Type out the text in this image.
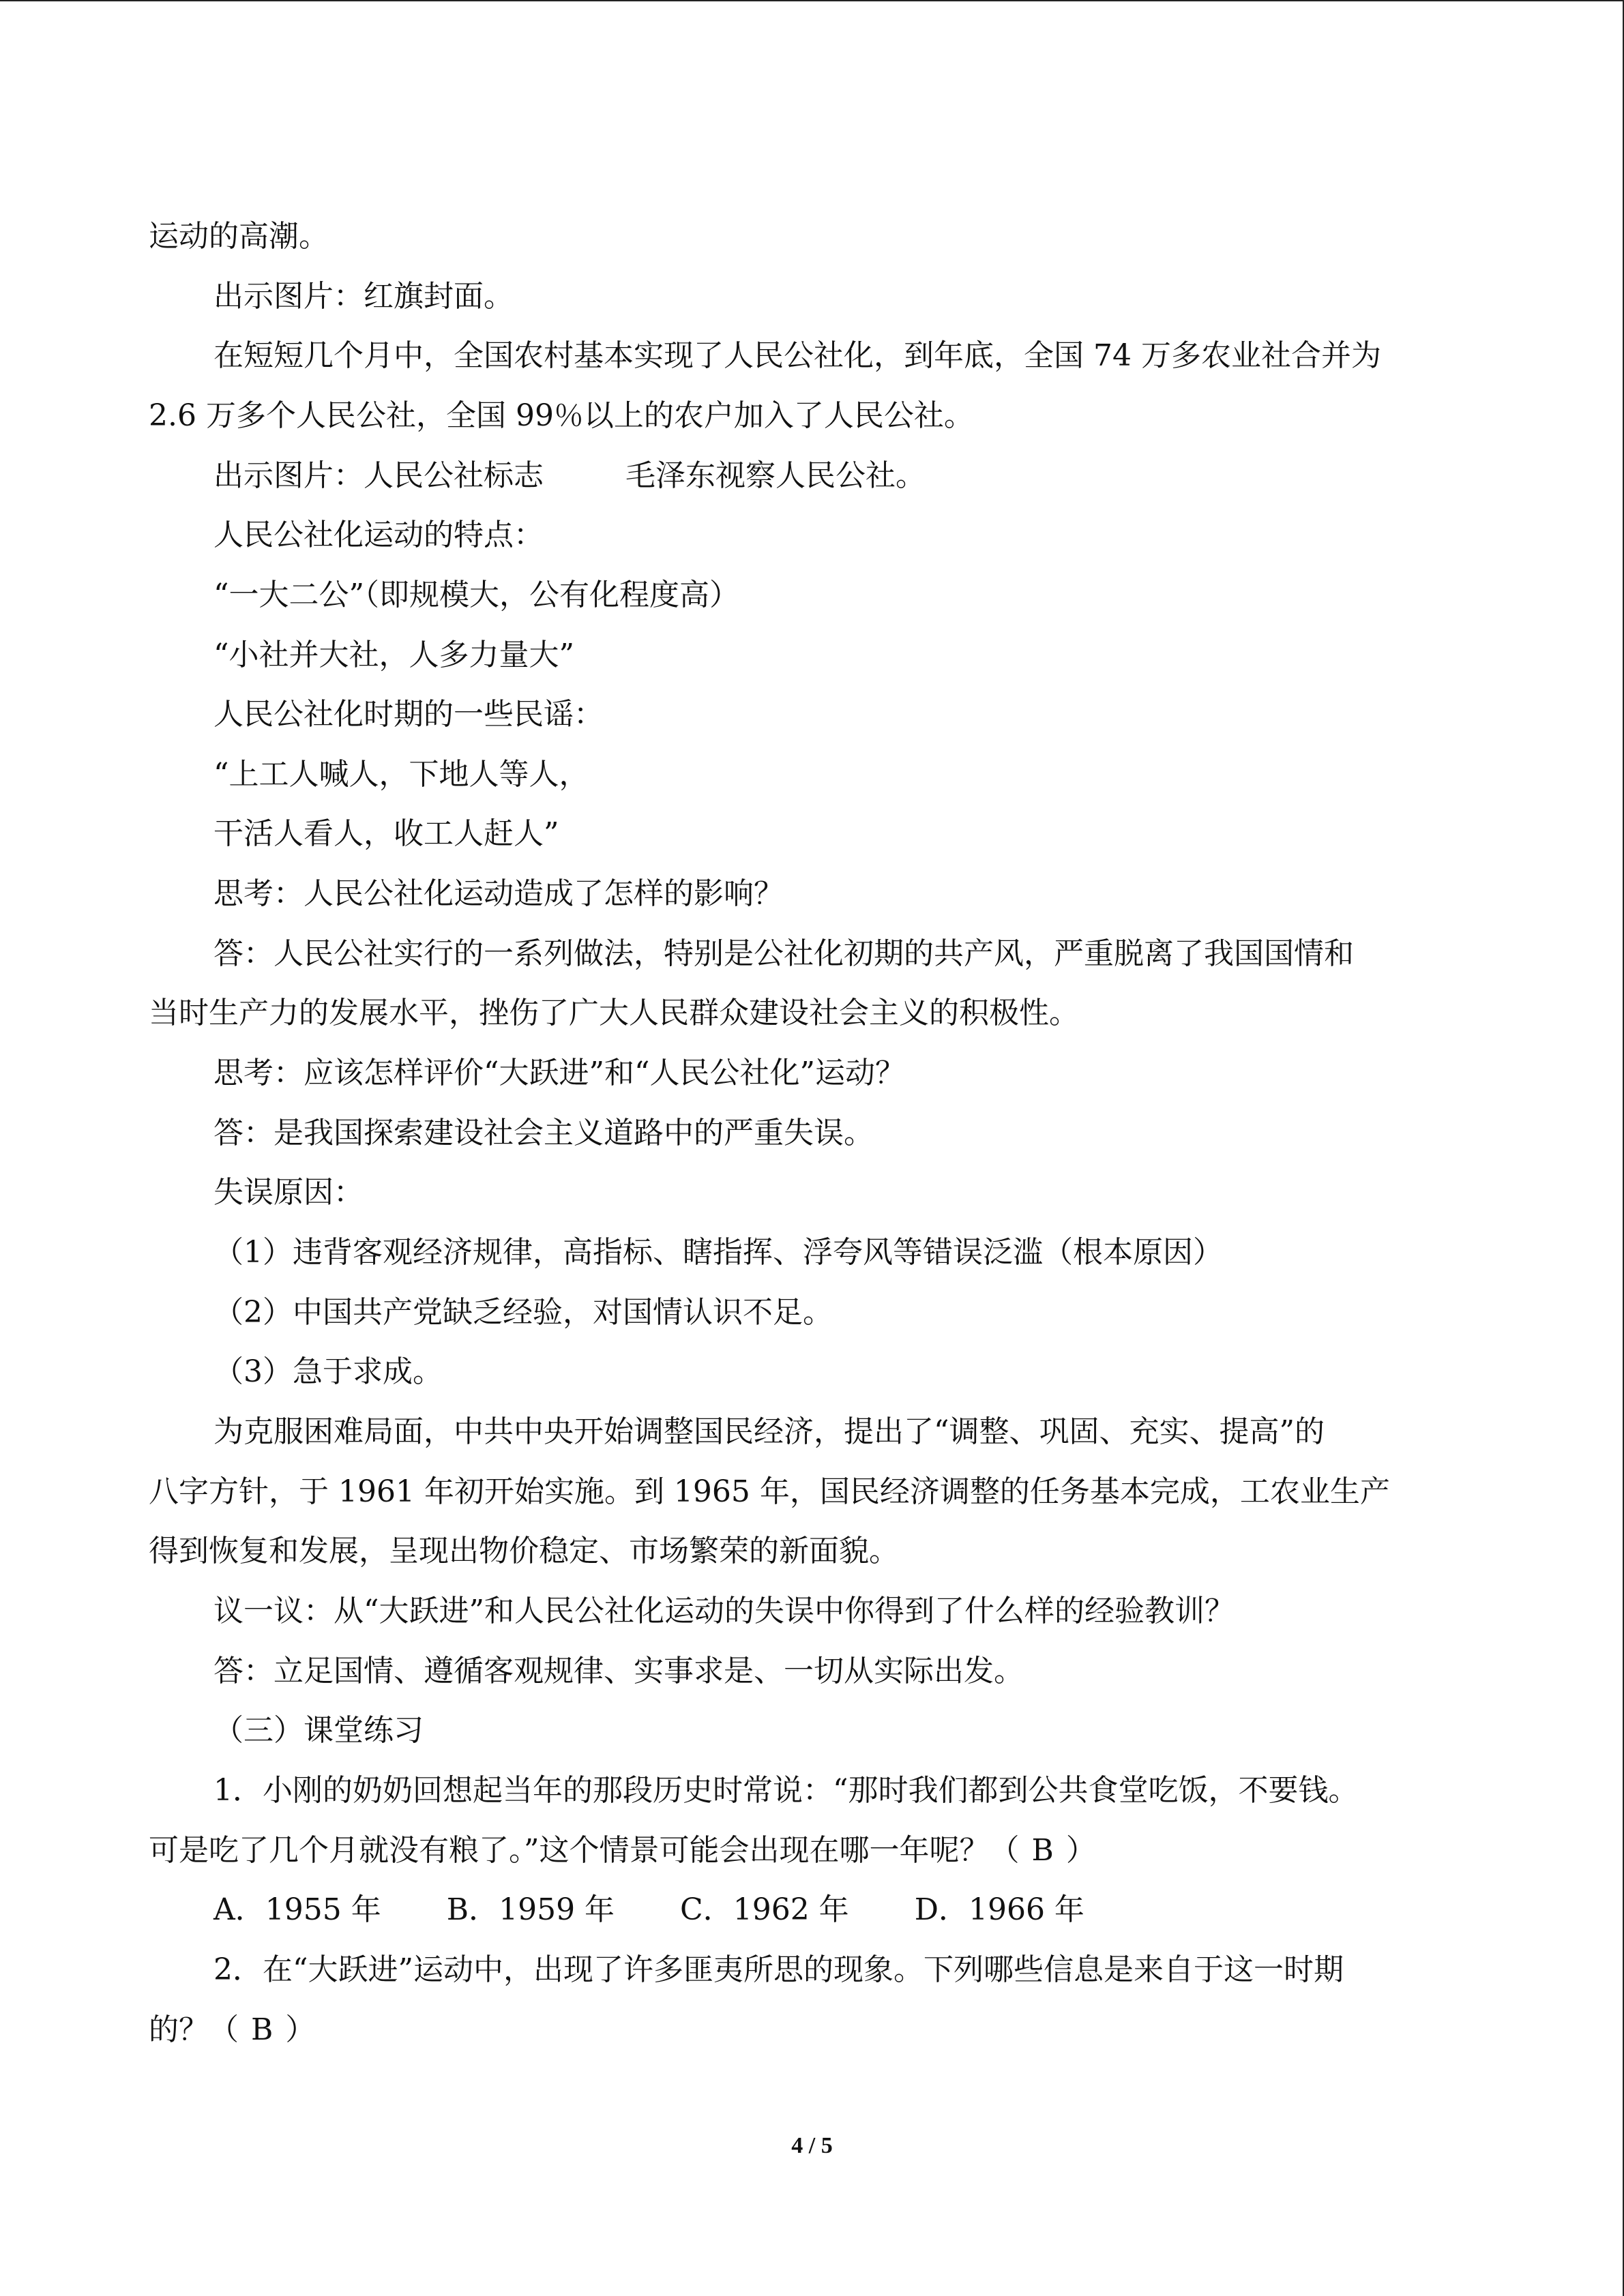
运动的高潮。
出示图片：红旗封面。
在短短几个月中，全国农村基本实现了人民公社化，到年底，全国 74 万多农业社合并为
2.6 万多个人民公社，全国 99％以上的农户加入了人民公社。
出示图片：人民公社标志	毛泽东视察人民公社。
人民公社化运动的特点：
“一大二公”（即规模大，公有化程度高）
“小社并大社，人多力量大”
人民公社化时期的一些民谣：
“上工人喊人，下地人等人，
干活人看人，收工人赶人”
思考：人民公社化运动造成了怎样的影响？
答：人民公社实行的一系列做法，特别是公社化初期的共产风，严重脱离了我国国情和
当时生产力的发展水平，挫伤了广大人民群众建设社会主义的积极性。
思考：应该怎样评价“大跃进”和“人民公社化”运动？
答：是我国探索建设社会主义道路中的严重失误。
失误原因：
（1）违背客观经济规律，高指标、瞎指挥、浮夸风等错误泛滥（根本原因）
（2）中国共产党缺乏经验，对国情认识不足。
（3）急于求成。
为克服困难局面，中共中央开始调整国民经济，提出了“调整、巩固、充实、提高”的
八字方针，于 1961 年初开始实施。到 1965 年，国民经济调整的任务基本完成，工农业生产
得到恢复和发展，呈现出物价稳定、市场繁荣的新面貌。
议一议：从“大跃进”和人民公社化运动的失误中你得到了什么样的经验教训？
答：立足国情、遵循客观规律、实事求是、一切从实际出发。
（三）课堂练习
1．小刚的奶奶回想起当年的那段历史时常说：“那时我们都到公共食堂吃饭，不要钱。
可是吃了几个月就没有粮了。”这个情景可能会出现在哪一年呢？（ B ）
A．1955 年 B．1959 年 C．1962 年 D．1966 年
2．在“大跃进”运动中，出现了许多匪夷所思的现象。下列哪些信息是来自于这一时期
的？（ B ）
4 / 5
